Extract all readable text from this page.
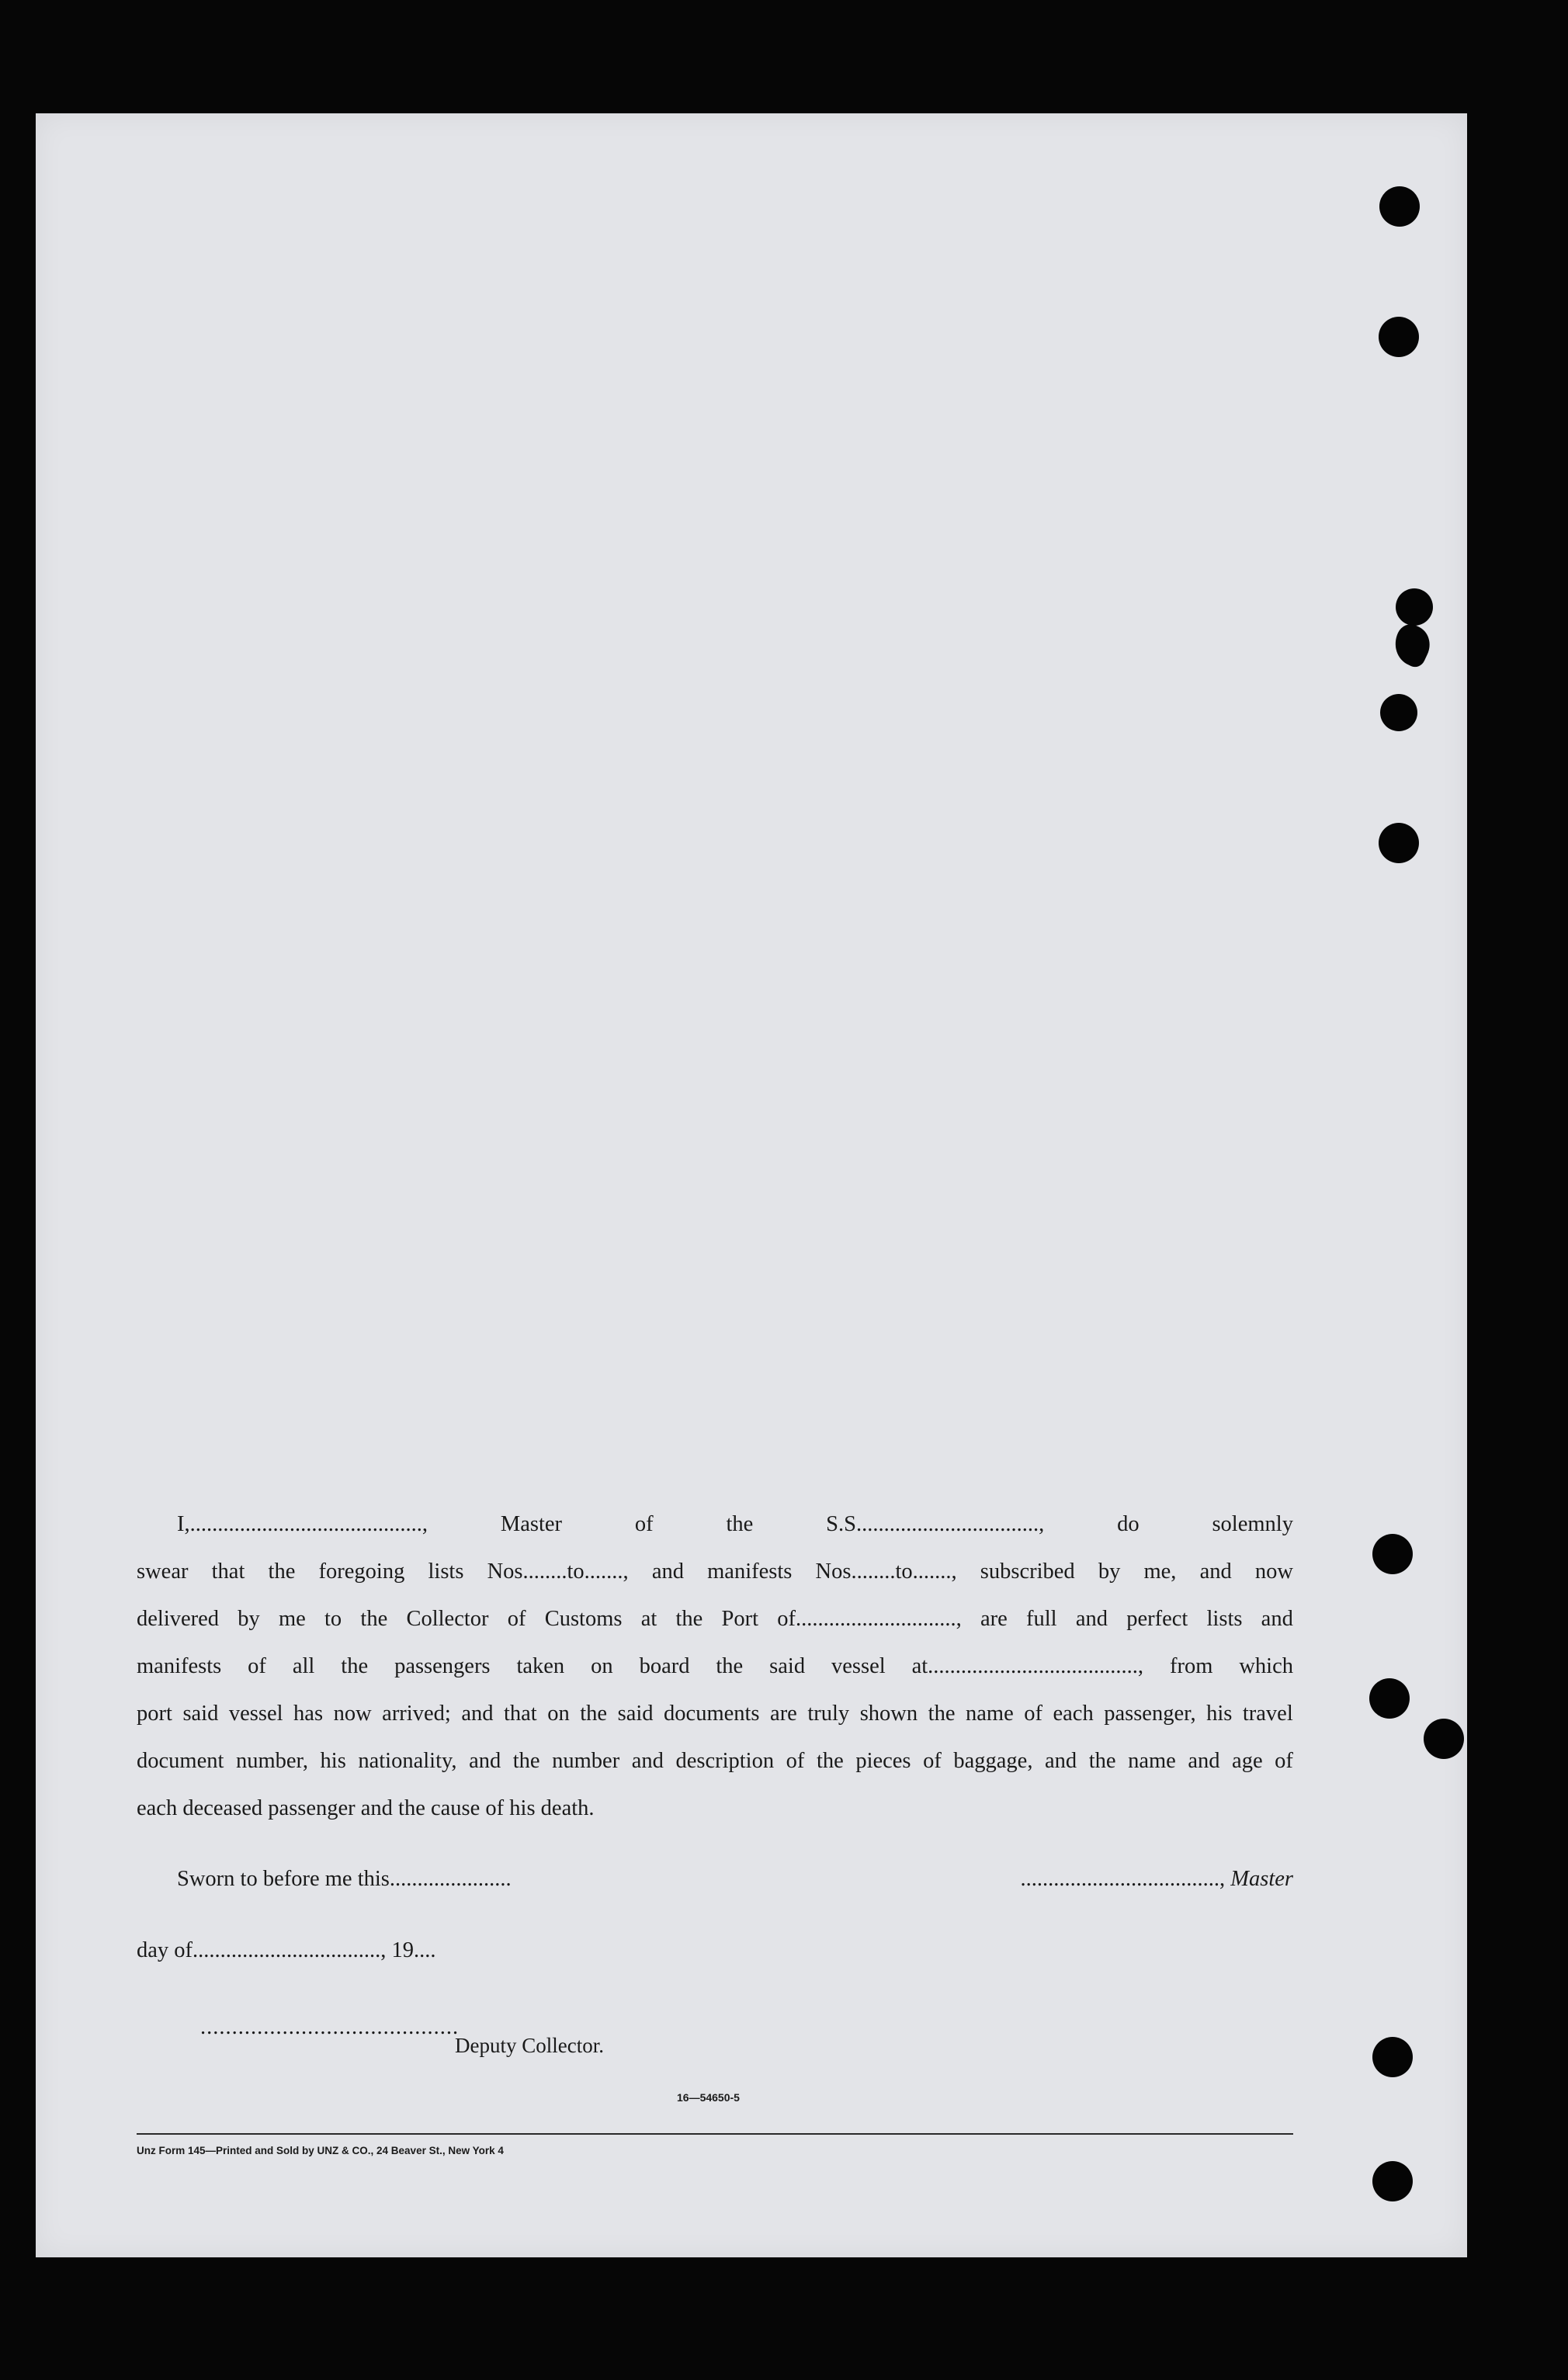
I,..........................................,	Master	of	the	S.S.................................,	do	solemnly
swear that the foregoing lists Nos........to......., and manifests Nos........to......., subscribed by me, and now
delivered by me to the Collector of Customs at the Port of............................., are full and perfect lists and
manifests of all the passengers taken on board the said vessel at......................................, from which
port said vessel has now arrived; and that on the said documents are truly shown the name of each passenger, his travel
document number, his nationality, and the number and description of the pieces of baggage, and the name and age of
each deceased passenger and the cause of his death.
Sworn to before me this......................	...................................., Master
day of.................................., 19....
.........................................
Deputy Collector.
16—54650-5
Unz Form 145—Printed and Sold by UNZ & CO., 24 Beaver St., New York 4
